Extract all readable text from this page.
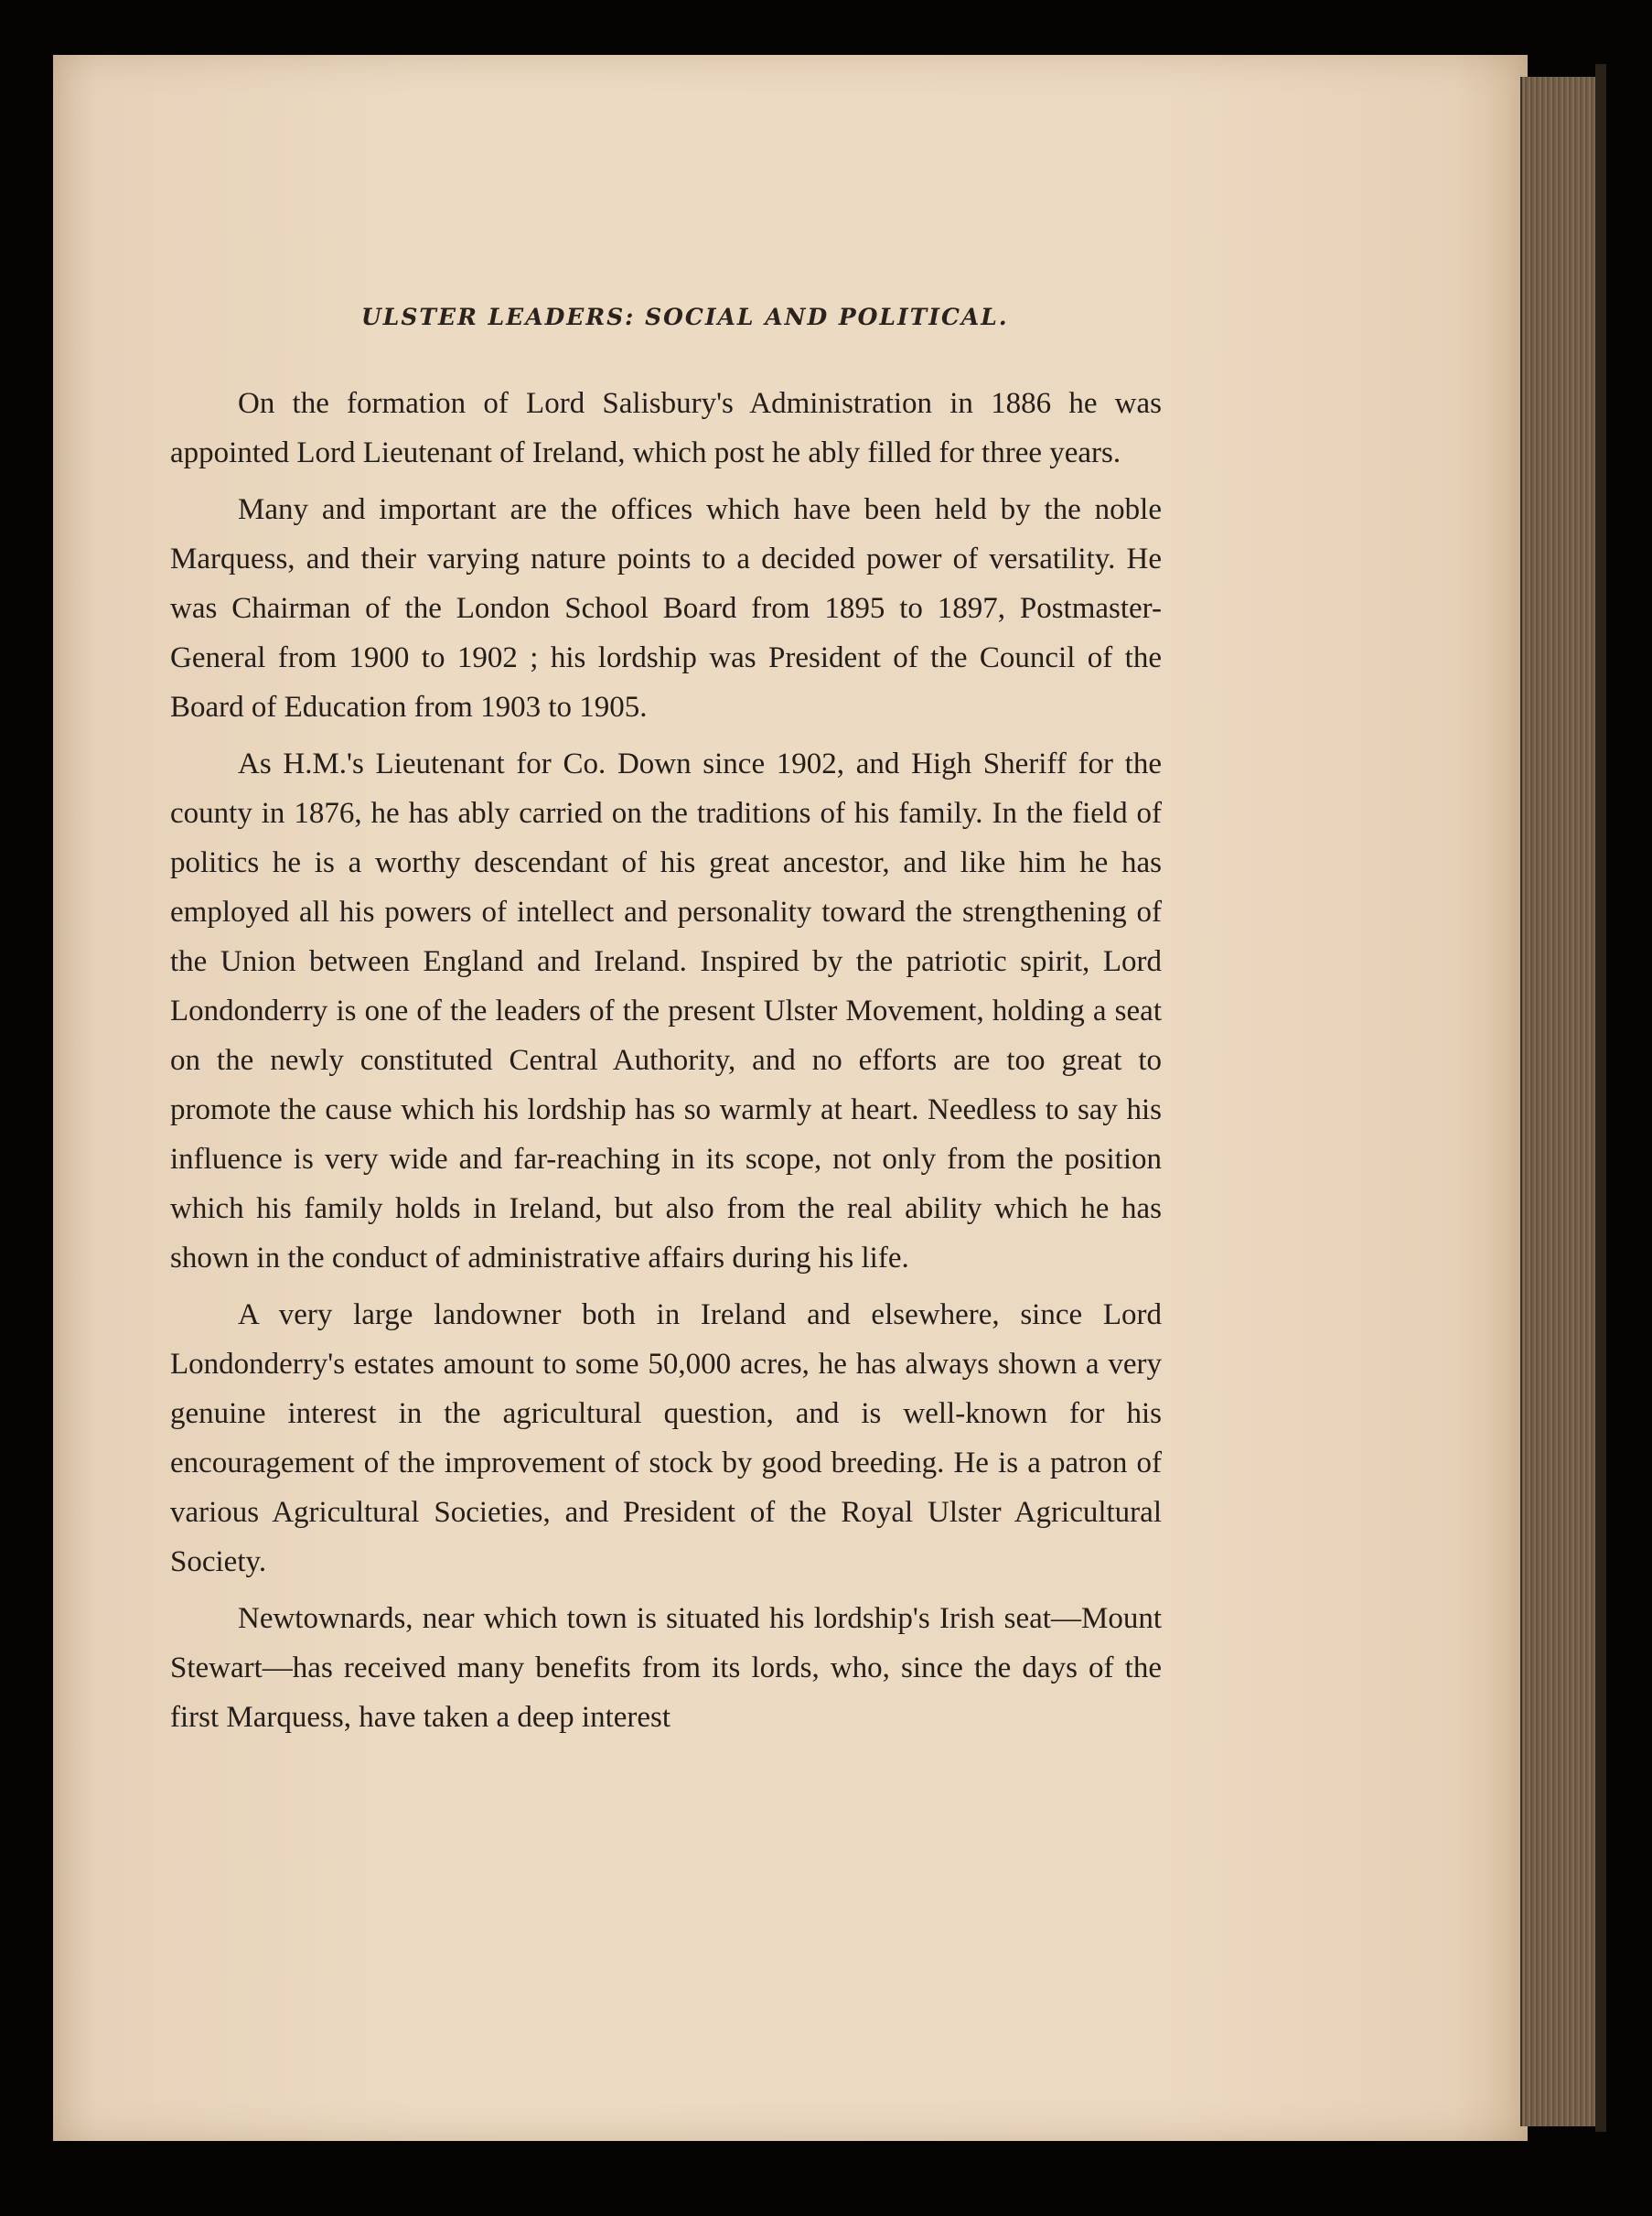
ULSTER LEADERS: SOCIAL AND POLITICAL.

On the formation of Lord Salisbury's Administration in 1886 he was appointed Lord Lieutenant of Ireland, which post he ably filled for three years.

Many and important are the offices which have been held by the noble Marquess, and their varying nature points to a decided power of versatility. He was Chairman of the London School Board from 1895 to 1897, Postmaster-General from 1900 to 1902 ; his lordship was President of the Council of the Board of Education from 1903 to 1905.

As H.M.'s Lieutenant for Co. Down since 1902, and High Sheriff for the county in 1876, he has ably carried on the traditions of his family. In the field of politics he is a worthy descendant of his great ancestor, and like him he has employed all his powers of intellect and personality toward the strengthening of the Union between England and Ireland. Inspired by the patriotic spirit, Lord Londonderry is one of the leaders of the present Ulster Movement, holding a seat on the newly constituted Central Authority, and no efforts are too great to promote the cause which his lordship has so warmly at heart. Needless to say his influence is very wide and far-reaching in its scope, not only from the position which his family holds in Ireland, but also from the real ability which he has shown in the conduct of administrative affairs during his life.

A very large landowner both in Ireland and elsewhere, since Lord Londonderry's estates amount to some 50,000 acres, he has always shown a very genuine interest in the agricultural question, and is well-known for his encouragement of the improvement of stock by good breeding. He is a patron of various Agricultural Societies, and President of the Royal Ulster Agricultural Society.

Newtownards, near which town is situated his lordship's Irish seat—Mount Stewart—has received many benefits from its lords, who, since the days of the first Marquess, have taken a deep interest
